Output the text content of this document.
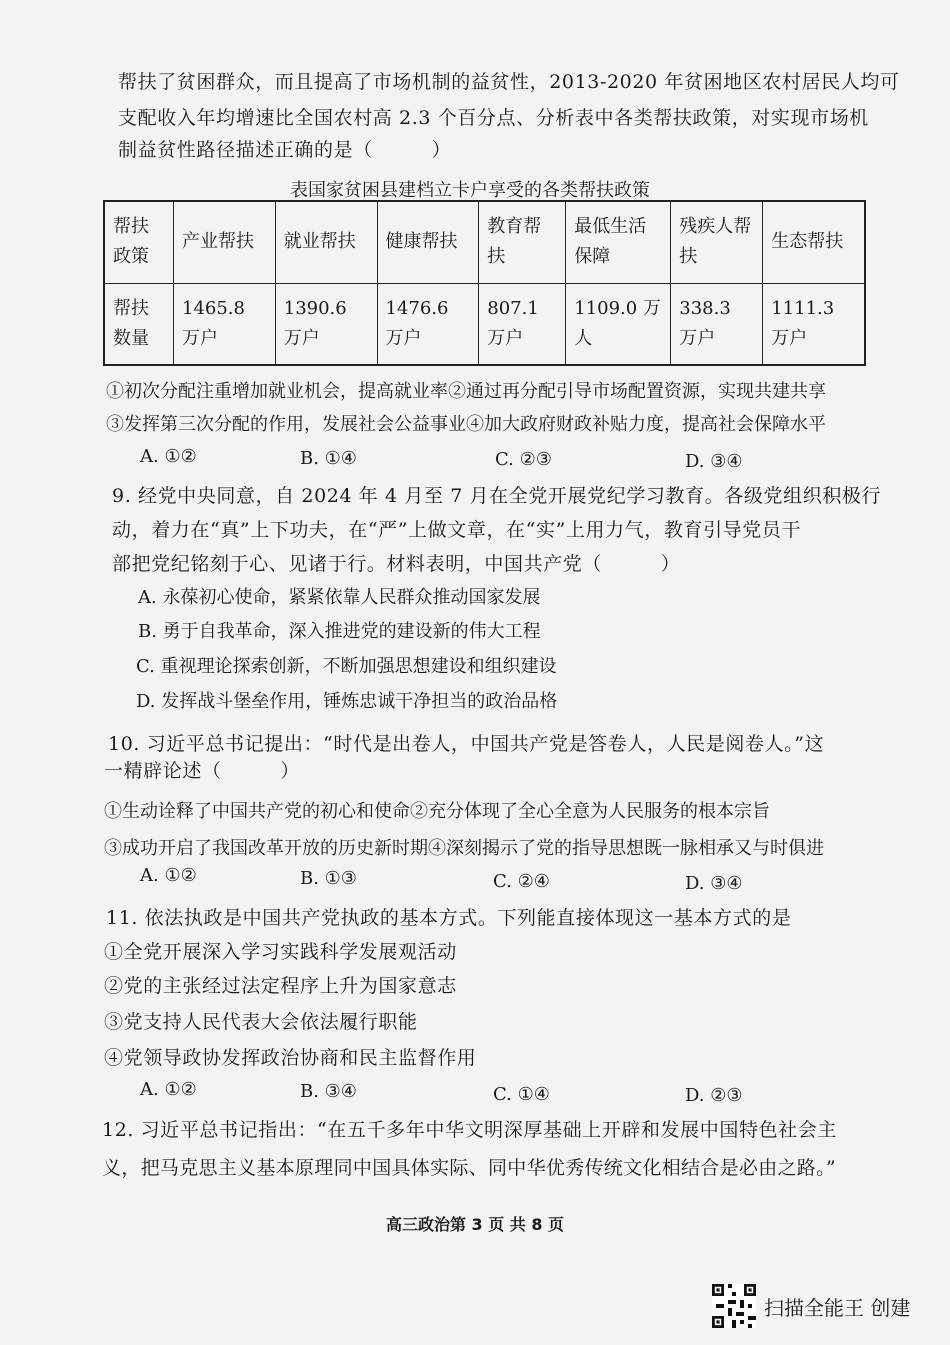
帮扶了贫困群众，而且提高了市场机制的益贫性，2013-2020 年贫困地区农村居民人均可
支配收入年均增速比全国农村高 2.3 个百分点、分析表中各类帮扶政策，对实现市场机
制益贫性路径描述正确的是（　　　）
表国家贫困县建档立卡户享受的各类帮扶政策
帮扶政策	产业帮扶	就业帮扶	健康帮扶	教育帮扶	最低生活保障	残疾人帮扶	生态帮扶
帮扶数量	1465.8 万户	1390.6 万户	1476.6 万户	807.1 万户	1109.0 万人	338.3 万户	1111.3 万户
①初次分配注重增加就业机会，提高就业率②通过再分配引导市场配置资源，实现共建共享
③发挥第三次分配的作用，发展社会公益事业④加大政府财政补贴力度，提高社会保障水平
A. ①②	B. ①④	C. ②③	D. ③④
9. 经党中央同意，自 2024 年 4 月至 7 月在全党开展党纪学习教育。各级党组织积极行
动，着力在“真”上下功夫，在“严”上做文章，在“实”上用力气，教育引导党员干
部把党纪铭刻于心、见诸于行。材料表明，中国共产党（　　　）
A. 永葆初心使命，紧紧依靠人民群众推动国家发展
B. 勇于自我革命，深入推进党的建设新的伟大工程
C. 重视理论探索创新，不断加强思想建设和组织建设
D. 发挥战斗堡垒作用，锤炼忠诚干净担当的政治品格
10. 习近平总书记提出：“时代是出卷人，中国共产党是答卷人，人民是阅卷人。”这
一精辟论述（　　　）
①生动诠释了中国共产党的初心和使命②充分体现了全心全意为人民服务的根本宗旨
③成功开启了我国改革开放的历史新时期④深刻揭示了党的指导思想既一脉相承又与时俱进
A. ①②	B. ①③	C. ②④	D. ③④
11. 依法执政是中国共产党执政的基本方式。下列能直接体现这一基本方式的是
①全党开展深入学习实践科学发展观活动
②党的主张经过法定程序上升为国家意志
③党支持人民代表大会依法履行职能
④党领导政协发挥政治协商和民主监督作用
A. ①②	B. ③④	C. ①④	D. ②③
12. 习近平总书记指出：“在五千多年中华文明深厚基础上开辟和发展中国特色社会主
义，把马克思主义基本原理同中国具体实际、同中华优秀传统文化相结合是必由之路。”
高三政治第 3 页 共 8 页
扫描全能王 创建
